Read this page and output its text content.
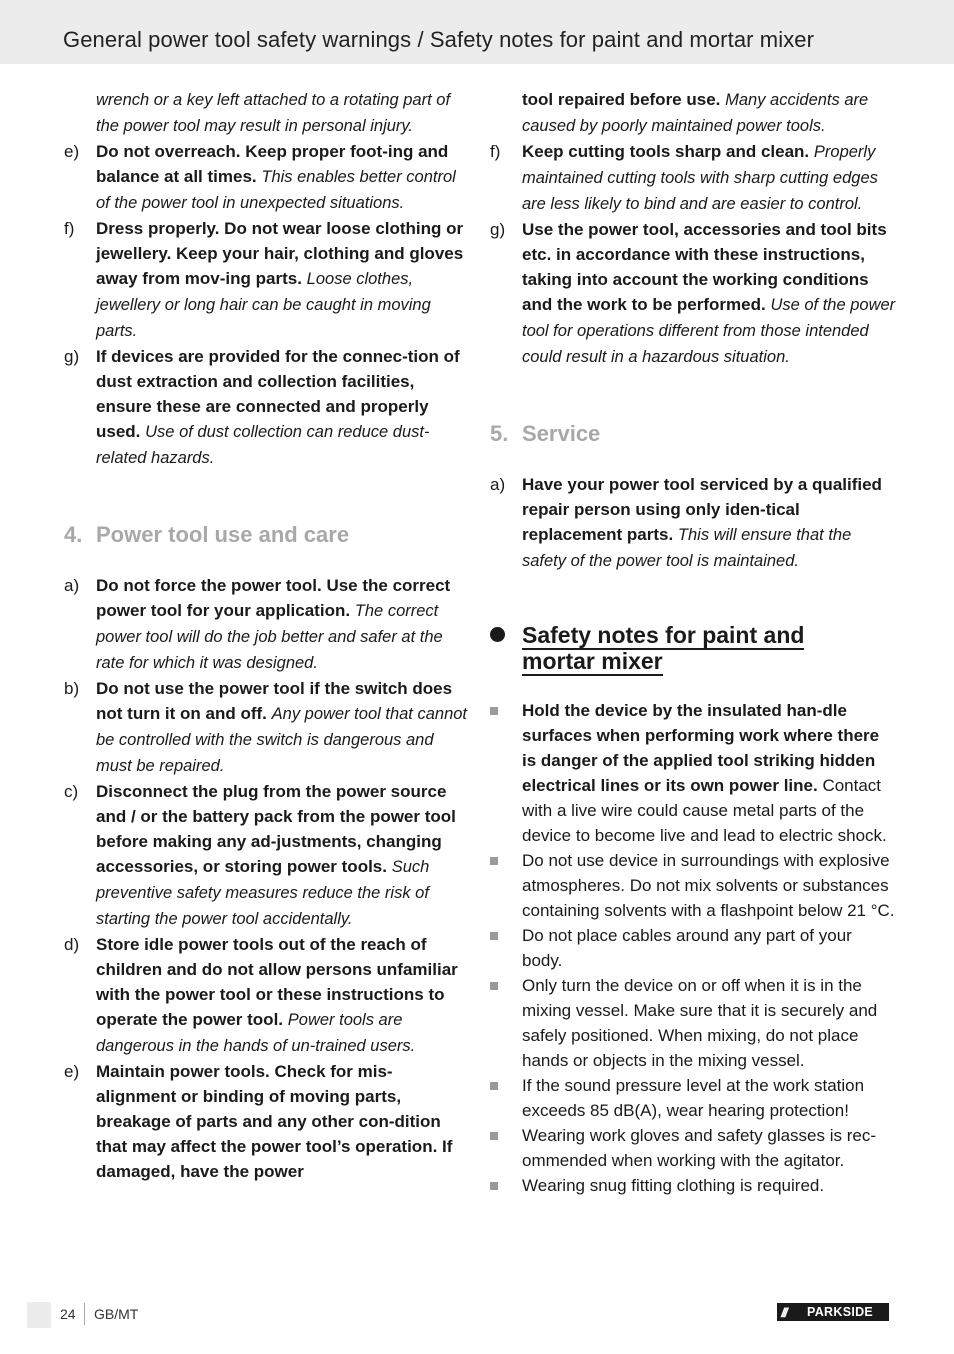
General power tool safety warnings / Safety notes for paint and mortar mixer
wrench or a key left attached to a rotating part of the power tool may result in personal injury.
e) Do not overreach. Keep proper foot-ing and balance at all times. This enables better control of the power tool in unexpected situations.
f)	Dress properly. Do not wear loose clothing or jewellery. Keep your hair, clothing and gloves away from mov-ing parts. Loose clothes, jewellery or long hair can be caught in moving parts.
g) If devices are provided for the connec-tion of dust extraction and collection facilities, ensure these are connected and properly used. Use of dust collection can reduce dust-related hazards.
4. Power tool use and care
a) Do not force the power tool. Use the correct power tool for your application. The correct power tool will do the job better and safer at the rate for which it was designed.
b) Do not use the power tool if the switch does not turn it on and off. Any power tool that cannot be controlled with the switch is dangerous and must be repaired.
c)	Disconnect the plug from the power source and / or the battery pack from the power tool before making any ad-justments, changing accessories, or storing power tools. Such preventive safety measures reduce the risk of starting the power tool accidentally.
d) Store idle power tools out of the reach of children and do not allow persons unfamiliar with the power tool or these instructions to operate the power tool. Power tools are dangerous in the hands of un-trained users.
e) Maintain power tools. Check for mis-alignment or binding of moving parts, breakage of parts and any other con-dition that may affect the power tool’s operation. If damaged, have the power
tool repaired before use. Many accidents are caused by poorly maintained power tools.
f)	Keep cutting tools sharp and clean. Properly maintained cutting tools with sharp cutting edges are less likely to bind and are easier to control.
g) Use the power tool, accessories and tool bits etc. in accordance with these instructions, taking into account the working conditions and the work to be performed. Use of the power tool for operations different from those intended could result in a hazardous situation.
5. Service
a) Have your power tool serviced by a qualified repair person using only iden-tical replacement parts. This will ensure that the safety of the power tool is maintained.
Safety notes for paint and
mortar mixer
Hold the device by the insulated han-dle surfaces when performing work where there is danger of the applied tool striking hidden electrical lines or its own power line. Contact with a live wire could cause metal parts of the device to become live and lead to electric shock.
Do not use device in surroundings with explosive atmospheres. Do not mix solvents or substances containing solvents with a flashpoint below 21 °C.
Do not place cables around any part of your body.
Only turn the device on or off when it is in the mixing vessel. Make sure that it is securely and safely positioned. When mixing, do not place hands or objects in the mixing vessel.
If the sound pressure level at the work station exceeds 85 dB(A), wear hearing protection!
Wearing work gloves and safety glasses is rec-ommended when working with the agitator.
Wearing snug fitting clothing is required.
24 GB/MT	///	PARKSIDE
